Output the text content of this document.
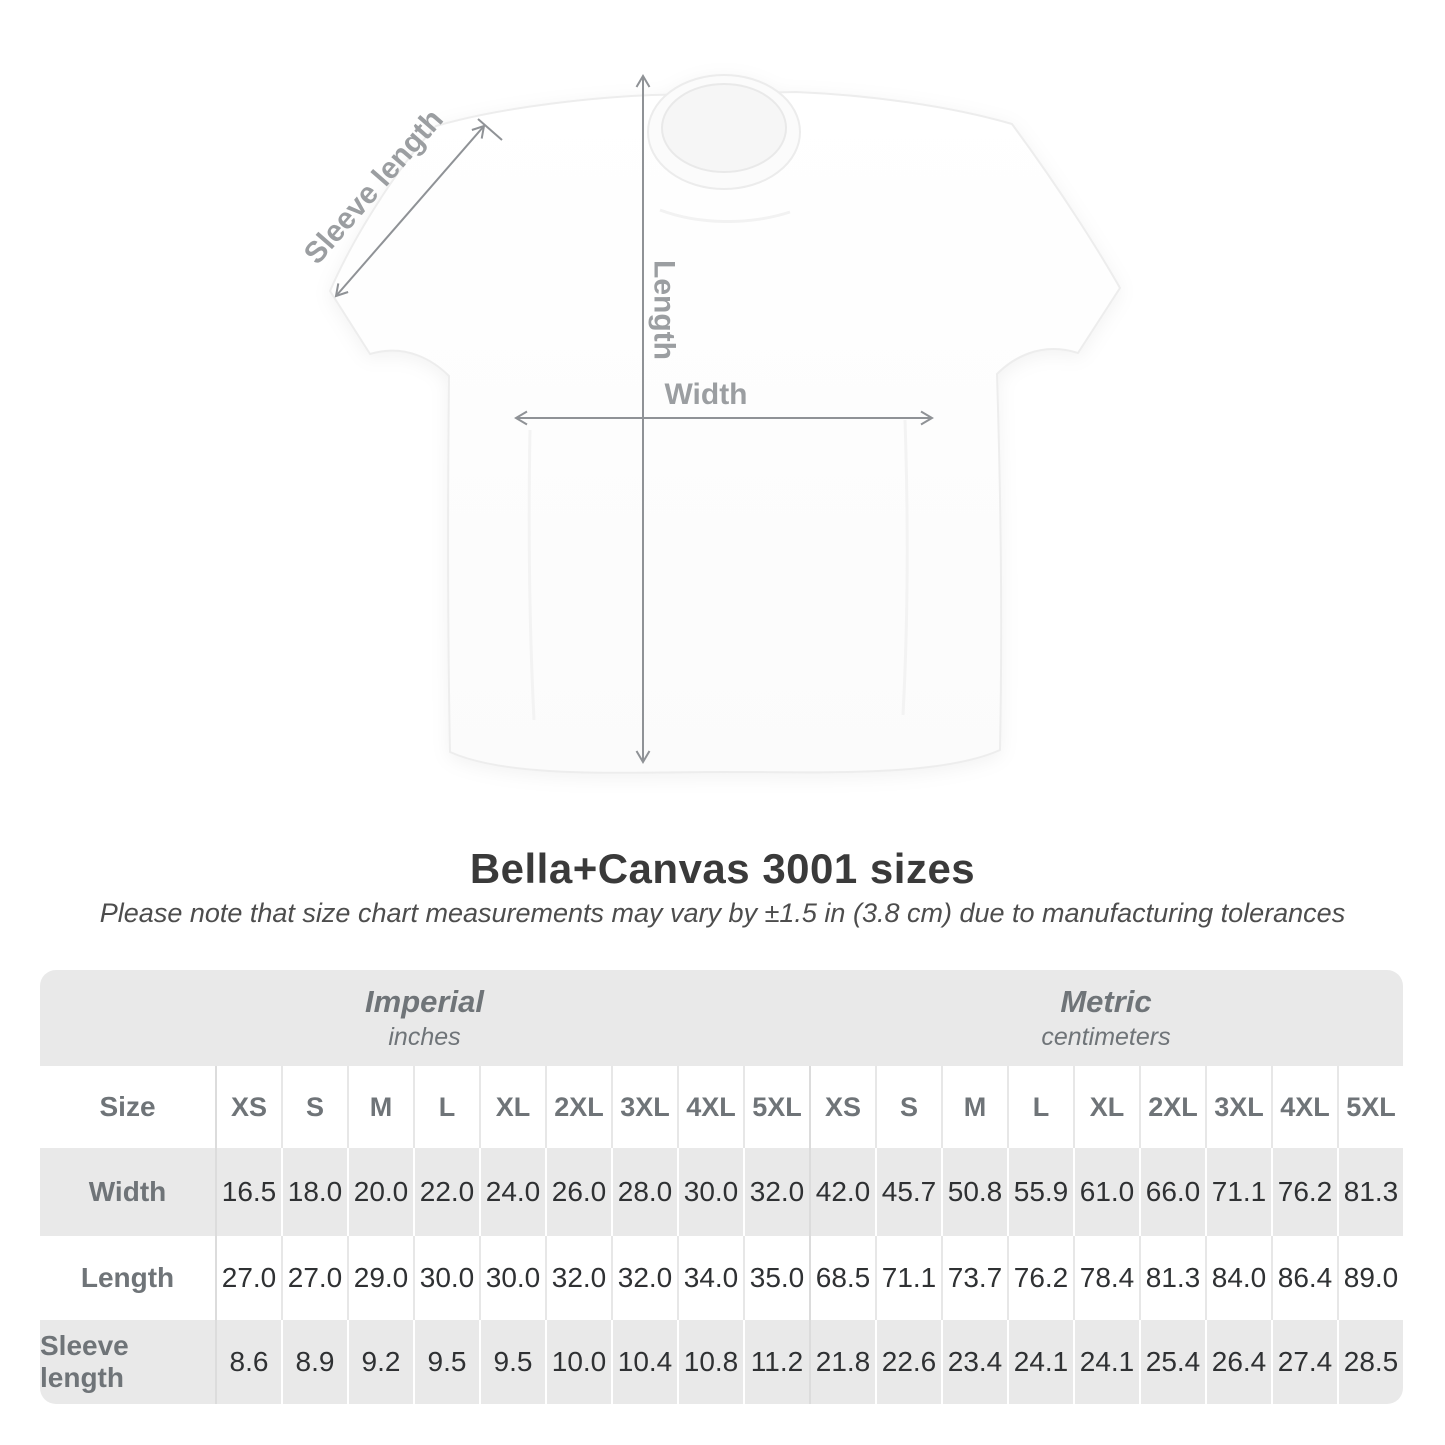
Sleeve length
Length
Width
Bella+Canvas 3001 sizes
Please note that size chart measurements may vary by ±1.5 in (3.8 cm) due to manufacturing tolerances
Imperial
inches
Metric
centimeters
Size	XS	S	M	L	XL 2XL 3XL 4XL 5XL XS	S	M	L	XL 2XL 3XL 4XL 5XL
Width	16.5 18.0 20.0 22.0 24.0 26.0 28.0 30.0 32.0 42.0 45.7 50.8 55.9 61.0 66.0 71.1 76.2 81.3
Length	27.0 27.0 29.0 30.0 30.0 32.0 32.0 34.0 35.0 68.5 71.1 73.7 76.2 78.4 81.3 84.0 86.4 89.0
Sleeve length
8.6 8.9 9.2 9.5 9.5 10.0 10.4 10.8 11.2 21.8 22.6 23.4 24.1 24.1 25.4 26.4 27.4 28.5
